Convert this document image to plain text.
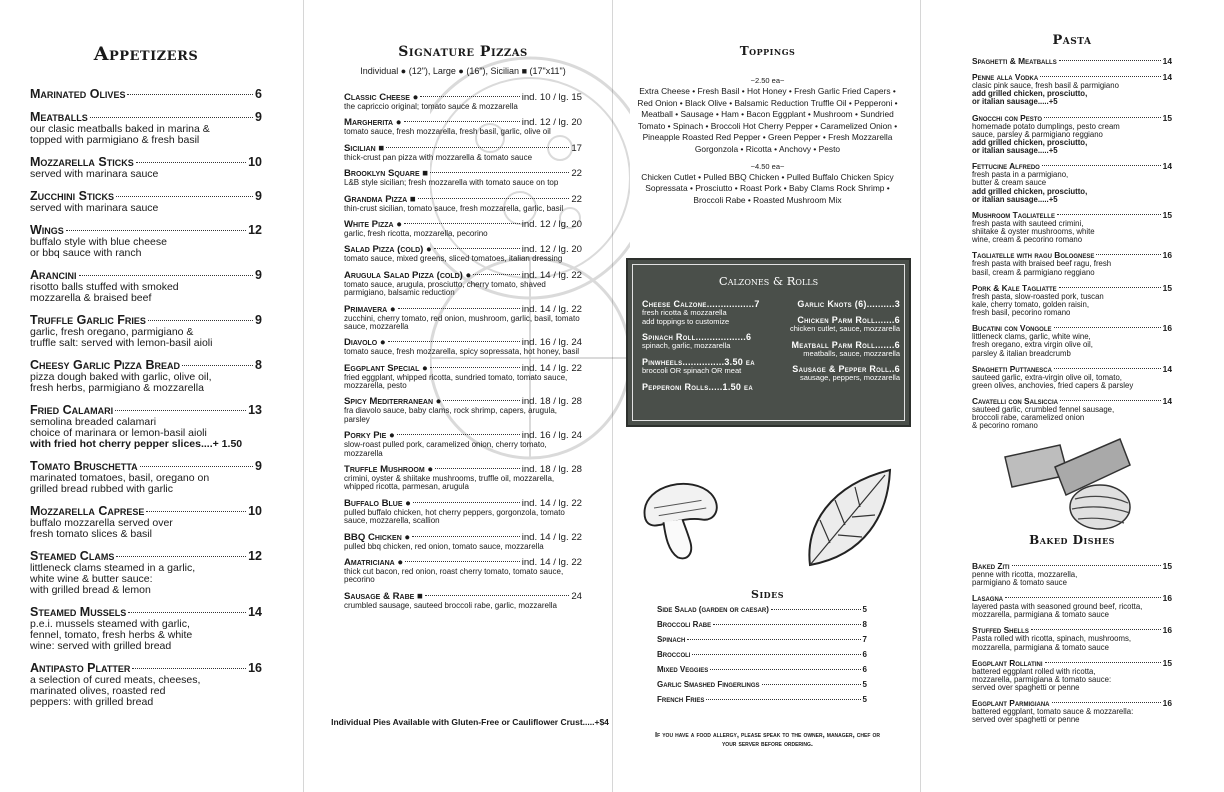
Appetizers
Marinated Olives	6
Meatballs	9
our clasic meatballs baked in marina &
topped with parmigiano & fresh basil
Mozzarella Sticks	10
served with marinara sauce
Zucchini Sticks	9
served with marinara sauce
Wings	12
buffalo style with blue cheese
or bbq sauce with ranch
Arancini	9
risotto balls stuffed with smoked
mozzarella & braised beef
Truffle Garlic Fries	9
garlic, fresh oregano, parmigiano &
truffle salt: served with lemon-basil aioli
Cheesy Garlic Pizza Bread	8
pizza dough baked with garlic, olive oil,
fresh herbs, parmigiano & mozzarella
Fried Calamari	13
semolina breaded calamari
choice of marinara or lemon-basil aioli
with fried hot cherry pepper slices....+ 1.50
Tomato Bruschetta	9
marinated tomatoes, basil, oregano on
grilled bread rubbed with garlic
Mozzarella Caprese	10
buffalo mozzarella served over
fresh tomato slices & basil
Steamed Clams	12
littleneck clams steamed in a garlic,
white wine & butter sauce:
with grilled bread & lemon
Steamed Mussels	14
p.e.i. mussels steamed with garlic,
fennel, tomato, fresh herbs & white
wine: served with grilled bread
Antipasto Platter	16
a selection of cured meats, cheeses,
marinated olives, roasted red
peppers: with grilled bread
Signature Pizzas
Individual ● (12"), Large ● (16"), Sicilian ■ (17"x11")
Classic Cheese ●	ind. 10 / lg. 15
the capriccio original; tomato sauce & mozzarella
Margherita ●	ind. 12 / lg. 20
tomato sauce, fresh mozzarella, fresh basil, garlic, olive oil
Sicilian ■	17
thick-crust pan pizza with mozzarella & tomato sauce
Brooklyn Square ■	22
L&B style sicilian; fresh mozzarella with tomato sauce on top
Grandma Pizza ■	22
thin-crust sicilian, tomato sauce, fresh mozzarella, garlic, basil
White Pizza ●	ind. 12 / lg. 20
garlic, fresh ricotta, mozzarella, pecorino
Salad Pizza (cold) ●	ind. 12 / lg. 20
tomato sauce, mixed greens, sliced tomatoes, italian dressing
Arugula Salad Pizza (cold) ●	ind. 14 / lg. 22
tomato sauce, arugula, prosciutto, cherry tomato, shaved parmigiano, balsamic reduction
Primavera ●	ind. 14 / lg. 22
zucchini, cherry tomato, red onion, mushroom, garlic, basil, tomato sauce, mozzarella
Diavolo ●	ind. 16 / lg. 24
tomato sauce, fresh mozzarella, spicy sopressata, hot honey, basil
Eggplant Special ●	ind. 14 / lg. 22
fried eggplant, whipped ricotta, sundried tomato, tomato sauce, mozzarella, pesto
Spicy Mediterranean ●	ind. 18 / lg. 28
fra diavolo sauce, baby clams, rock shrimp, capers, arugula, parsley
Porky Pie ●	ind. 16 / lg. 24
slow-roast pulled pork, caramelized onion, cherry tomato, mozzarella
Truffle Mushroom ●	ind. 18 / lg. 28
crimini, oyster & shiitake mushrooms, truffle oil, mozzarella, whipped ricotta, parmesan, arugula
Buffalo Blue ●	ind. 14 / lg. 22
pulled buffalo chicken, hot cherry peppers, gorgonzola, tomato sauce, mozzarella, scallion
BBQ Chicken ●	ind. 14 / lg. 22
pulled bbq chicken, red onion, tomato sauce, mozzarella
Amatriciana ●	ind. 14 / lg. 22
thick cut bacon, red onion, roast cherry tomato, tomato sauce, pecorino
Sausage & Rabe ■	24
crumbled sausage, sauteed broccoli rabe, garlic, mozzarella
Individual Pies Available with Gluten-Free or Cauliflower Crust.....+$4
Toppings
~2.50 ea~
Extra Cheese • Fresh Basil • Hot Honey • Fresh Garlic Fried Capers • Red Onion • Black Olive • Balsamic Reduction Truffle Oil • Pepperoni • Meatball • Sausage • Ham • Bacon Eggplant • Mushroom • Sundried Tomato • Spinach • Broccoli Hot Cherry Pepper • Caramelized Onion • Pineapple Roasted Red Pepper • Green Pepper • Fresh Mozzarella Gorgonzola • Ricotta • Anchovy • Pesto
~4.50 ea~
Chicken Cutlet • Pulled BBQ Chicken • Pulled Buffalo Chicken Spicy Sopressata • Prosciutto • Roast Pork • Baby Clams Rock Shrimp • Broccoli Rabe • Roasted Mushroom Mix
Calzones & Rolls
Cheese Calzone.................7
fresh ricotta & mozzarella
add toppings to customize
Spinach Roll..................6
spinach, garlic, mozzarella
Pinwheels...............3.50 ea
broccoli OR spinach OR meat
Pepperoni Rolls.....1.50 ea
Garlic Knots (6)..........3
Chicken Parm Roll.......6
chicken cutlet, sauce, mozzarella
Meatball Parm Roll.......6
meatballs, sauce, mozzarella
Sausage & Pepper Roll..6
sausage, peppers, mozzarella
Sides
Side Salad (garden or caesar)	5
Broccoli Rabe	8
Spinach	7
Broccoli	6
Mixed Veggies	6
Garlic Smashed Fingerlings	5
French Fries	5
If you have a food allergy, please speak to the owner, manager, chef or your server before ordering.
Pasta
Spaghetti & Meatballs	14
Penne alla Vodka	14
clasic pink sauce, fresh basil & parmigiano
add grilled chicken, prosciutto,
or italian sausage.....+5
Gnocchi con Pesto	15
homemade potato dumplings, pesto cream
sauce, parsley & parmigiano reggiano
add grilled chicken, prosciutto,
or italian sausage.....+5
Fettucine Alfredo	14
fresh pasta in a parmigiano,
butter & cream sauce
add grilled chicken, prosciutto,
or italian sausage.....+5
Mushroom Tagliatelle	15
fresh pasta with sauteed crimini,
shiitake & oyster mushrooms, white
wine, cream & pecorino romano
Tagliatelle with ragu Bolognese	16
fresh pasta with braised beef ragu, fresh
basil, cream & parmigiano reggiano
Pork & Kale Tagliatte	15
fresh pasta, slow-roasted pork, tuscan
kale, cherry tomato, golden raisin,
fresh basil, pecorino romano
Bucatini con Vongole	16
littleneck clams, garlic, white wine,
fresh oregano, extra virgin olive oil,
parsley & italian breadcrumb
Spaghetti Puttanesca	14
sauteed garlic, extra-virgin olive oil, tomato,
green olives, anchovies, fried capers & parsley
Cavatelli con Salsiccia	14
sauteed garlic, crumbled fennel sausage,
broccoli rabe, caramelized onion
& pecorino romano
Baked Dishes
Baked Ziti	15
penne with ricotta, mozzarella,
parmigiano & tomato sauce
Lasagna	16
layered pasta with seasoned ground beef, ricotta,
mozzarella, parmigiana & tomato sauce
Stuffed Shells	16
Pasta rolled with ricotta, spinach, mushrooms,
mozzarella, parmigiana & tomato sauce
Eggplant Rollatini	15
battered eggplant rolled with ricotta,
mozzarella, parmigiana & tomato sauce:
served over spaghetti or penne
Eggplant Parmigiana	16
battered eggplant, tomato sauce & mozzarella:
served over spaghetti or penne
